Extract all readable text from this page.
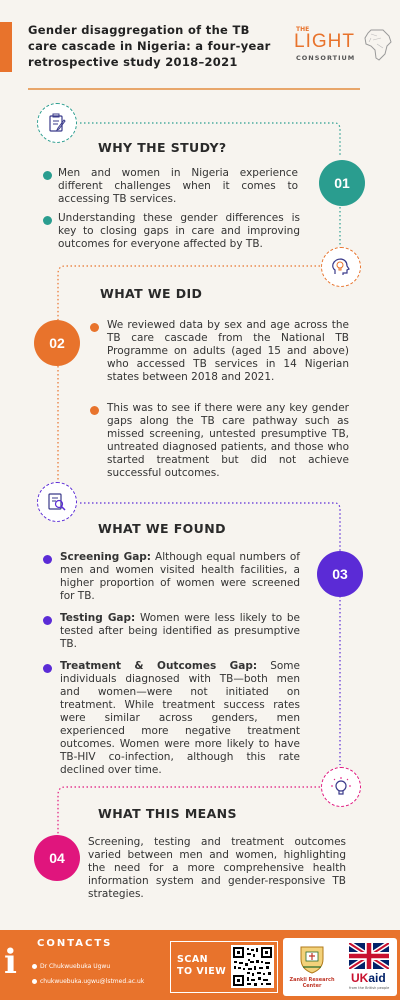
Gender disaggregation of the TB care cascade in Nigeria: a four-year retrospective study 2018–2021
THE
LIGHT
CONSORTIUM
WHY THE STUDY?
01
Men and women in Nigeria experience different challenges when it comes to accessing TB services.
Understanding these gender differences is key to closing gaps in care and improving outcomes for everyone affected by TB.
WHAT WE DID
02
We reviewed data by sex and age across the TB care cascade from the National TB Programme on adults (aged 15 and above) who accessed TB services in 14 Nigerian states between 2018 and 2021.
This was to see if there were any key gender gaps along the TB care pathway such as missed screening, untested presumptive TB, untreated diagnosed patients, and those who started treatment but did not achieve successful outcomes.
WHAT WE FOUND
03
Screening Gap: Although equal numbers of men and women visited health facilities, a higher proportion of women were screened for TB.
Testing Gap: Women were less likely to be tested after being identified as presumptive TB.
Treatment & Outcomes Gap: Some individuals diagnosed with TB—both men and women—were not initiated on treatment. While treatment success rates were similar across genders, men experienced more negative treatment outcomes. Women were more likely to have TB-HIV co-infection, although this rate declined over time.
WHAT THIS MEANS
04
Screening, testing and treatment outcomes varied between men and women, highlighting the need for a more comprehensive health information system and gender-responsive TB strategies.
i CONTACTS
Dr Chukwuebuka Ugwu
chukwuebuka.ugwu@lstmed.ac.uk
SCAN TO VIEW
Zankli Research Center
UKaid
from the British people
